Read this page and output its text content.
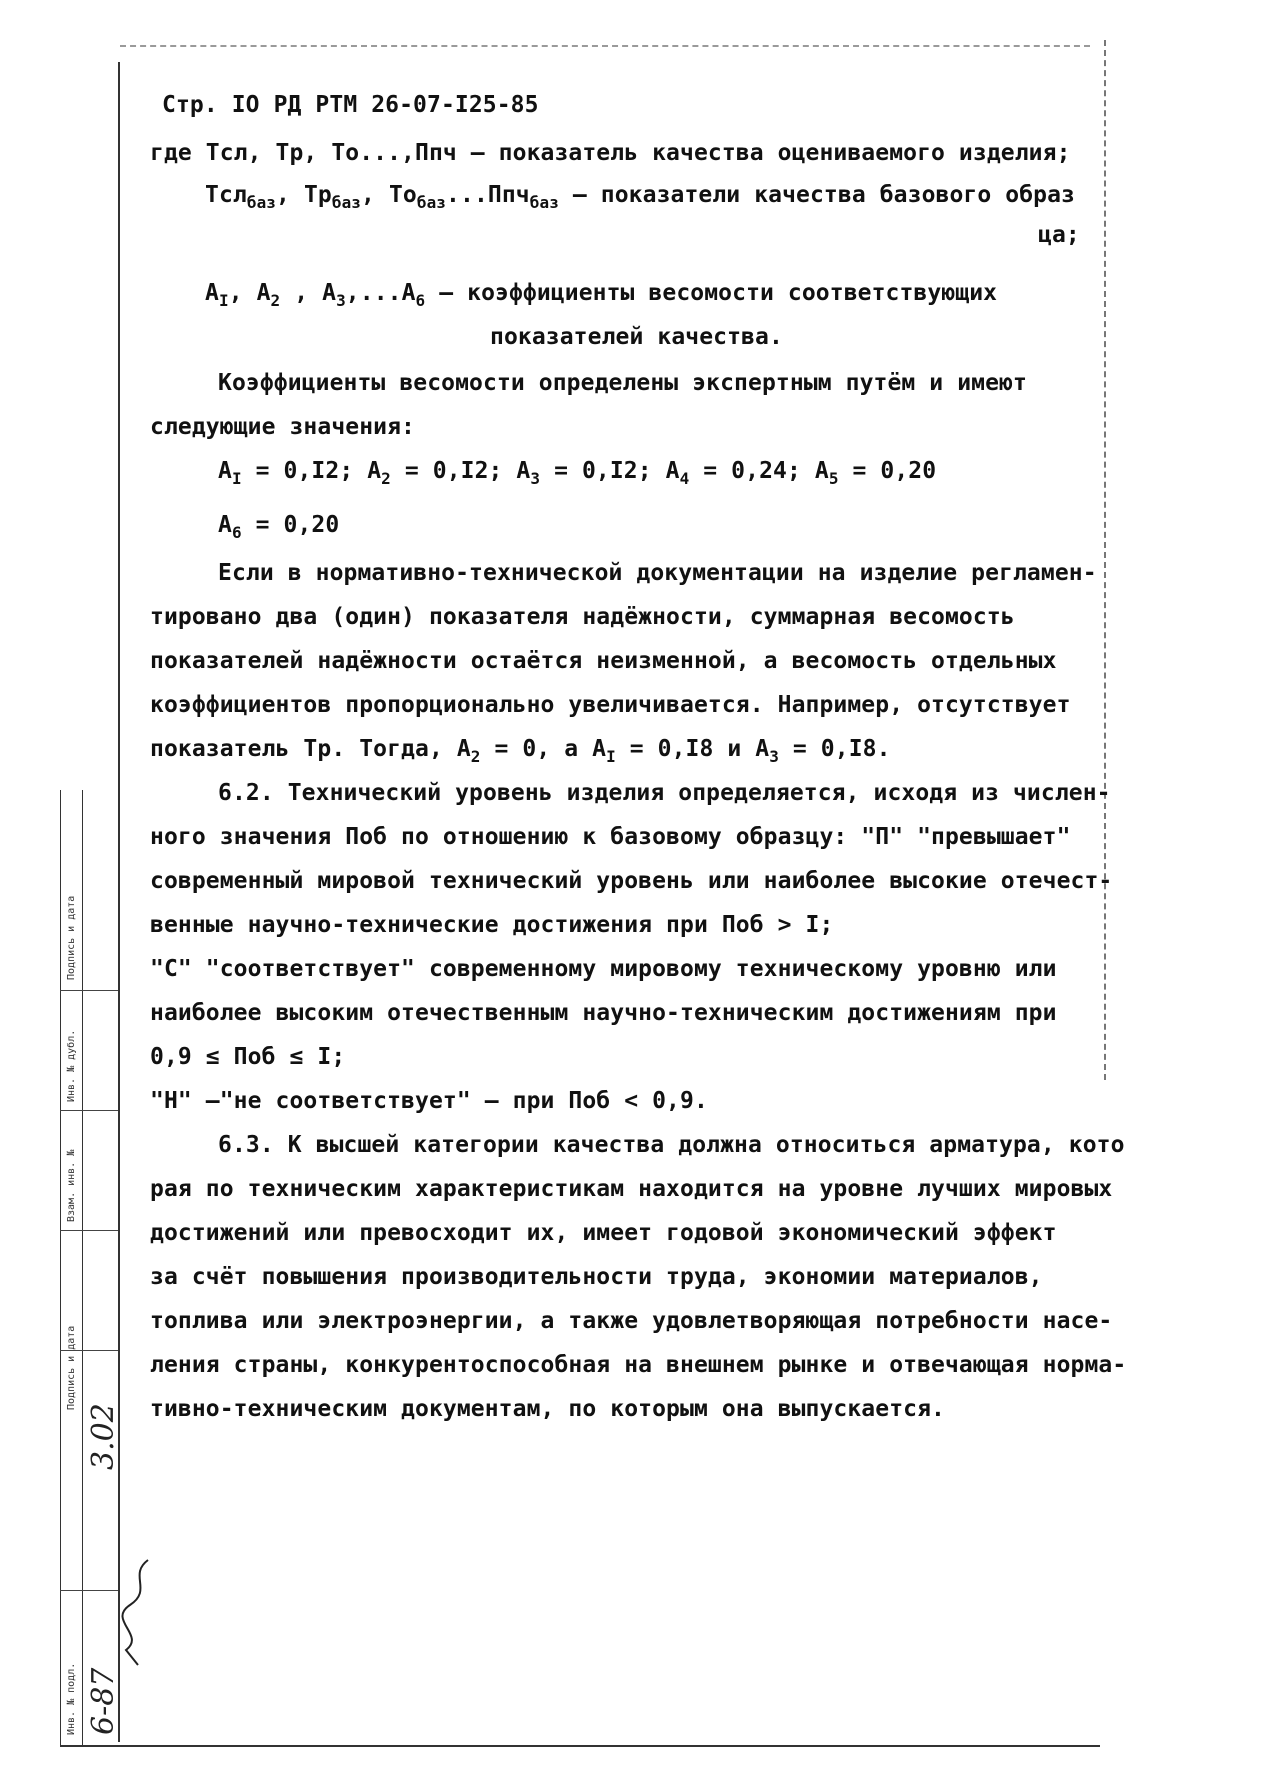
Стр. IO РД РТМ 26-07-I25-85
где Тсл, Тр, То...,Ппч – показатель качества оцениваемого изделия;
Тсл$_{баз}$, $Тр_{баз}$, $То_{баз}...Ппч_{баз}$ – показатели качества базового образ
ца;
$A_I$, $A_2$ , $A_3,...A_6$ – коэффициенты весомости соответствующих
показателей качества.
Коэффициенты весомости определены экспертным путём и имеют
следующие значения:
$A_I = 0,I2$; $A_2 = 0,I2$; $A_3 = 0,I2$; $A_4 = 0,24$; $A_5 = 0,20$
$A_6 = 0,20$
Если в нормативно-технической документации на изделие регламен-
тировано два (один) показателя надёжности, суммарная весомость
показателей надёжности остаётся неизменной, а весомость отдельных
коэффициентов пропорционально увеличивается. Например, отсутствует
показатель Тр. Тогда, $A_2 = 0$, а $A_I = 0,I8$ и $A_3 = 0,I8$.
6.2. Технический уровень изделия определяется, исходя из числен-
ного значения Поб по отношению к базовому образцу: "П" "превышает"
современный мировой технический уровень или наиболее высокие отечест-
венные научно-технические достижения при Поб > I;
"С" "соответствует" современному мировому техническому уровню или
наиболее высоким отечественным научно-техническим достижениям при
0,9 ≤ Поб ≤ I;
"Н" –"не соответствует" – при Поб < 0,9.
6.3. К высшей категории качества должна относиться арматура, кото
рая по техническим характеристикам находится на уровне лучших мировых
достижений или превосходит их, имеет годовой экономический эффект
за счёт повышения производительности труда, экономии материалов,
топлива или электроэнергии, а также удовлетворяющая потребности насе-
ления страны, конкурентоспособная на внешнем рынке и отвечающая норма-
тивно-техническим документам, по которым она выпускается.
Подпись и дата
Инв. № дубл.
Взам. инв. №
Подпись и дата
Инв. № подл.
3.02
6-87
